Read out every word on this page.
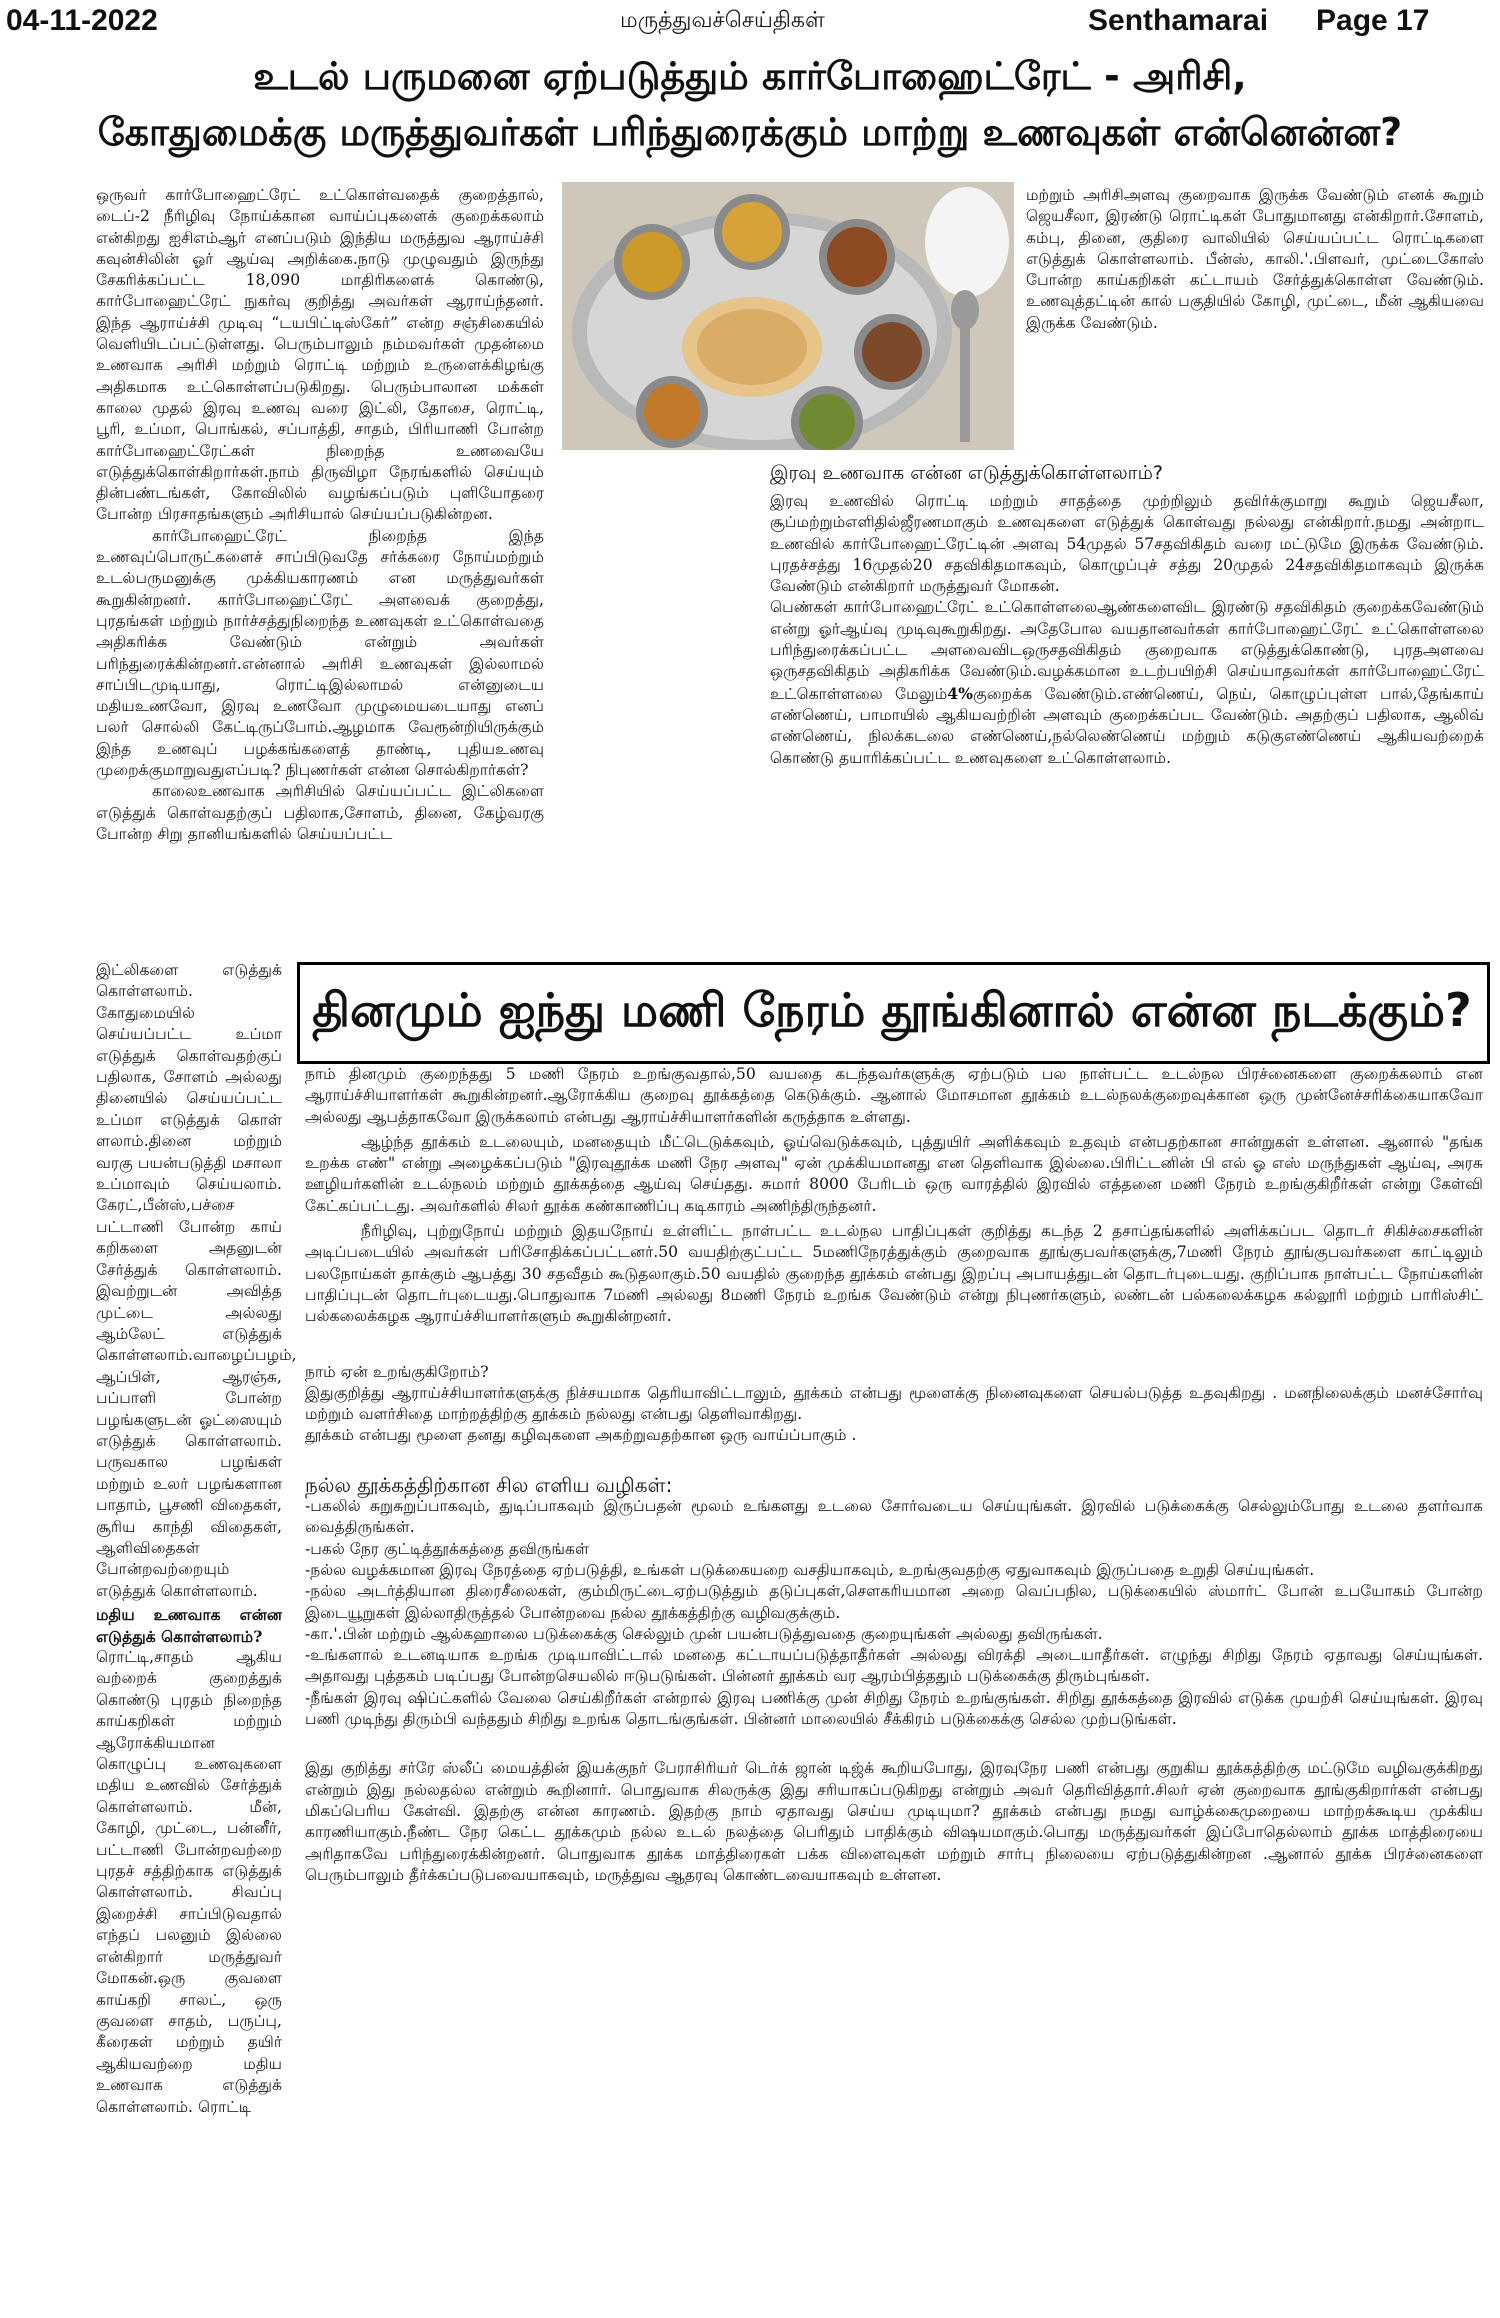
04-11-2022	மருத்துவச்செய்திகள்	Senthamarai Page 17
உடல் பருமனை ஏற்படுத்தும் கார்போஹைட்ரேட் - அரிசி,
கோதுமைக்கு மருத்துவர்கள் பரிந்துரைக்கும் மாற்று உணவுகள் என்னென்ன?

ஒருவர் கார்போஹைட்ரேட் உட்கொள்வதைக் குறைத்தால், டைப்-2 நீரிழிவு நோய்க்கான வாய்ப்புகளைக் குறைக்கலாம் என்கிறது ஐசிஎம்ஆர் எனப்படும் இந்திய மருத்துவ ஆராய்ச்சி கவுன்சிலின் ஓர் ஆய்வு அறிக்கை.நாடு முழுவதும் இருந்து சேகரிக்கப்பட்ட 18,090 மாதிரிகளைக் கொண்டு, கார்போஹைட்ரேட் நுகர்வு குறித்து அவர்கள் ஆராய்ந்தனர். இந்த ஆராய்ச்சி முடிவு “டயபிட்டிஸ்கேர்” என்ற சஞ்சிகையில் வெளியிடப்பட்டுள்ளது. பெரும்பாலும் நம்மவர்கள் முதன்மை உணவாக அரிசி மற்றும் ரொட்டி மற்றும் உருளைக்கிழங்கு அதிகமாக உட்கொள்ளப்படுகிறது. பெரும்பாலான மக்கள் காலை முதல் இரவு உணவு வரை இட்லி, தோசை, ரொட்டி, பூரி, உப்மா, பொங்கல், சப்பாத்தி, சாதம், பிரியாணி போன்ற கார்போஹைட்ரேட்கள் நிறைந்த உணவையே எடுத்துக்கொள்கிறார்கள்.நாம் திருவிழா நேரங்களில் செய்யும் தின்பண்டங்கள், கோவிலில் வழங்கப்படும் புளியோதரை போன்ற பிரசாதங்களும் அரிசியால் செய்யப்படுகின்றன.

கார்போஹைட்ரேட் நிறைந்த இந்த உணவுப்பொருட்களைச் சாப்பிடுவதே சர்க்கரை நோய்மற்றும் உடல்பருமனுக்கு முக்கியகாரணம் என மருத்துவர்கள் கூறுகின்றனர். கார்போஹைட்ரேட் அளவைக் குறைத்து, புரதங்கள் மற்றும் நார்ச்சத்துநிறைந்த உணவுகள் உட்கொள்வதை அதிகரிக்க வேண்டும் என்றும் அவர்கள் பரிந்துரைக்கின்றனர்.என்னால் அரிசி உணவுகள் இல்லாமல் சாப்பிடமுடியாது, ரொட்டிஇல்லாமல் என்னுடைய மதியஉணவோ, இரவு உணவோ முழுமையடையாது எனப் பலர் சொல்லி கேட்டிருப்போம்.ஆழமாக வேரூன்றியிருக்கும் இந்த உணவுப் பழக்கங்களைத் தாண்டி, புதியஉணவு முறைக்குமாறுவதுஎப்படி? நிபுணர்கள் என்ன சொல்கிறார்கள்?

காலைஉணவாக அரிசியில் செய்யப்பட்ட இட்லிகளை எடுத்துக் கொள்வதற்குப் பதிலாக,சோளம், தினை, கேழ்வரகு போன்ற சிறு தானியங்களில் செய்யப்பட்ட

இட்லிகளை எடுத்துக் கொள்ளலாம். கோதுமையில் செய்யப்பட்ட உப்மா எடுத்துக் கொள்வதற்குப் பதிலாக, சோளம் அல்லது தினையில் செய்யப்பட்ட உப்மா எடுத்துக் கொள் ளலாம்.தினை மற்றும் வரகு பயன்படுத்தி மசாலா உப்மாவும் செய்யலாம். கேரட்,பீன்ஸ்,பச்சை பட்டாணி போன்ற காய் கறிகளை அதனுடன் சேர்த்துக் கொள்ளலாம். இவற்றுடன் அவித்த முட்டை அல்லது ஆம்லேட் எடுத்துக் கொள்ளலாம்.வாழைப்பழம், ஆப்பிள், ஆரஞ்சு, பப்பாளி போன்ற பழங்களுடன் ஓட்ஸையும் எடுத்துக் கொள்ளலாம். பருவகால பழங்கள் மற்றும் உலர் பழங்களான பாதாம், பூசணி விதைகள், சூரிய காந்தி விதைகள், ஆளிவிதைகள் போன்றவற்றையும் எடுத்துக் கொள்ளலாம்.

மதிய உணவாக என்ன எடுத்துக் கொள்ளலாம்?

ரொட்டி,சாதம் ஆகிய வற்றைக் குறைத்துக் கொண்டு புரதம் நிறைந்த காய்கறிகள் மற்றும் ஆரோக்கியமான கொழுப்பு உணவுகளை மதிய உணவில் சேர்த்துக் கொள்ளலாம். மீன், கோழி, முட்டை, பன்னீர், பட்டாணி போன்றவற்றை புரதச் சத்திற்காக எடுத்துக் கொள்ளலாம். சிவப்பு இறைச்சி சாப்பிடுவதால் எந்தப் பலனும் இல்லை என்கிறார் மருத்துவர் மோகன்.ஒரு குவளை காய்கறி சாலட், ஒரு குவளை சாதம், பருப்பு, கீரைகள் மற்றும் தயிர் ஆகியவற்றை மதிய உணவாக எடுத்துக் கொள்ளலாம். ரொட்டி

மற்றும் அரிசிஅளவு குறைவாக இருக்க வேண்டும் எனக் கூறும் ஜெயசீலா, இரண்டு ரொட்டிகள் போதுமானது என்கிறார்.சோளம், கம்பு, தினை, குதிரை வாலியில் செய்யப்பட்ட ரொட்டிகளை எடுத்துக் கொள்ளலாம். பீன்ஸ், காலி.'.பிளவர், முட்டைகோஸ் போன்ற காய்கறிகள் கட்டாயம் சேர்த்துக்கொள்ள வேண்டும். உணவுத்தட்டின் கால் பகுதியில் கோழி, முட்டை, மீன் ஆகியவை இருக்க வேண்டும்.

இரவு உணவாக என்ன எடுத்துக்கொள்ளலாம்?

இரவு உணவில் ரொட்டி மற்றும் சாதத்தை முற்றிலும் தவிர்க்குமாறு கூறும் ஜெயசீலா, சூப்மற்றும்எளிதில்ஜீரணமாகும் உணவுகளை எடுத்துக் கொள்வது நல்லது என்கிறார்.நமது அன்றாட உணவில் கார்போஹைட்ரேட்டின் அளவு 54முதல் 57சதவிகிதம் வரை மட்டுமே இருக்க வேண்டும். புரதச்சத்து 16முதல்20 சதவிகிதமாகவும், கொழுப்புச் சத்து 20முதல் 24சதவிகிதமாகவும் இருக்க வேண்டும் என்கிறார் மருத்துவர் மோகன்.

பெண்கள் கார்போஹைட்ரேட் உட்கொள்ளலைஆண்களைவிட இரண்டு சதவிகிதம் குறைக்கவேண்டும் என்று ஓர்ஆய்வு முடிவுகூறுகிறது. அதேபோல வயதானவர்கள் கார்போஹைட்ரேட் உட்கொள்ளலை பரிந்துரைக்கப்பட்ட அளவைவிடஒருசதவிகிதம் குறைவாக எடுத்துக்கொண்டு, புரதஅளவை ஒருசதவிகிதம் அதிகரிக்க வேண்டும்.வழக்கமான உடற்பயிற்சி செய்யாதவர்கள் கார்போஹைட்ரேட் உட்கொள்ளலை மேலும்4%குறைக்க வேண்டும்.எண்ணெய், நெய், கொழுப்புள்ள பால்,தேங்காய் எண்ணெய், பாமாயில் ஆகியவற்றின் அளவும் குறைக்கப்பட வேண்டும். அதற்குப் பதிலாக, ஆலிவ் எண்ணெய், நிலக்கடலை எண்ணெய்,நல்லெண்ணெய் மற்றும் கடுகுஎண்ணெய் ஆகியவற்றைக் கொண்டு தயாரிக்கப்பட்ட உணவுகளை உட்கொள்ளலாம்.

தினமும் ஐந்து மணி நேரம் தூங்கினால் என்ன நடக்கும்?

நாம் தினமும் குறைந்தது 5 மணி நேரம் உறங்குவதால்,50 வயதை கடந்தவர்களுக்கு ஏற்படும் பல நாள்பட்ட உடல்நல பிரச்னைகளை குறைக்கலாம் என ஆராய்ச்சியாளர்கள் கூறுகின்றனர்.ஆரோக்கிய குறைவு தூக்கத்தை கெடுக்கும். ஆனால் மோசமான தூக்கம் உடல்நலக்குறைவுக்கான ஒரு முன்னேச்சரிக்கையாகவோ அல்லது ஆபத்தாகவோ இருக்கலாம் என்பது ஆராய்ச்சியாளர்களின் கருத்தாக உள்ளது.

ஆழ்ந்த தூக்கம் உடலையும், மனதையும் மீட்டெடுக்கவும், ஓய்வெடுக்கவும், புத்துயிர் அளிக்கவும் உதவும் என்பதற்கான சான்றுகள் உள்ளன. ஆனால் "தங்க உறக்க எண்" என்று அழைக்கப்படும் "இரவுதூக்க மணி நேர அளவு" ஏன் முக்கியமானது என தெளிவாக இல்லை.பிரிட்டனின் பி எல் ஓ எஸ் மருந்துகள் ஆய்வு, அரசு ஊழியர்களின் உடல்நலம் மற்றும் தூக்கத்தை ஆய்வு செய்தது. சுமார் 8000 பேரிடம் ஒரு வாரத்தில் இரவில் எத்தனை மணி நேரம் உறங்குகிறீர்கள் என்று கேள்வி கேட்கப்பட்டது. அவர்களில் சிலர் தூக்க கண்காணிப்பு கடிகாரம் அணிந்திருந்தனர்.

நீரிழிவு, புற்றுநோய் மற்றும் இதயநோய் உள்ளிட்ட நாள்பட்ட உடல்நல பாதிப்புகள் குறித்து கடந்த 2 தசாப்தங்களில் அளிக்கப்பட தொடர் சிகிச்சைகளின் அடிப்படையில் அவர்கள் பரிசோதிக்கப்பட்டனர்.50 வயதிற்குட்பட்ட 5மணிநேரத்துக்கும் குறைவாக தூங்குபவர்களுக்கு,7மணி நேரம் தூங்குபவர்களை காட்டிலும் பலநோய்கள் தாக்கும் ஆபத்து 30 சதவீதம் கூடுதலாகும்.50 வயதில் குறைந்த தூக்கம் என்பது இறப்பு அபாயத்துடன் தொடர்புடையது. குறிப்பாக நாள்பட்ட நோய்களின் பாதிப்புடன் தொடர்புடையது.பொதுவாக 7மணி அல்லது 8மணி நேரம் உறங்க வேண்டும் என்று நிபுணர்களும், லண்டன் பல்கலைக்கழக கல்லூரி மற்றும் பாரிஸ்சிட் பல்கலைக்கழக ஆராய்ச்சியாளர்களும் கூறுகின்றனர்.

நாம் ஏன் உறங்குகிறோம்?

இதுகுறித்து ஆராய்ச்சியாளர்களுக்கு நிச்சயமாக தெரியாவிட்டாலும், தூக்கம் என்பது மூளைக்கு நினைவுகளை செயல்படுத்த உதவுகிறது . மனநிலைக்கும் மனச்சோர்வு மற்றும் வளர்சிதை மாற்றத்திற்கு தூக்கம் நல்லது என்பது தெளிவாகிறது.

தூக்கம் என்பது மூளை தனது கழிவுகளை அகற்றுவதற்கான ஒரு வாய்ப்பாகும் .

நல்ல தூக்கத்திற்கான சில எளிய வழிகள்:

-பகலில் சுறுசுறுப்பாகவும், துடிப்பாகவும் இருப்பதன் மூலம் உங்களது உடலை சோர்வடைய செய்யுங்கள். இரவில் படுக்கைக்கு செல்லும்போது உடலை தளர்வாக வைத்திருங்கள்.

-பகல் நேர குட்டித்தூக்கத்தை தவிருங்கள்

-நல்ல வழக்கமான இரவு நேரத்தை ஏற்படுத்தி, உங்கள் படுக்கையறை வசதியாகவும், உறங்குவதற்கு ஏதுவாகவும் இருப்பதை உறுதி செய்யுங்கள்.

-நல்ல அடர்த்தியான திரைசீலைகள், கும்மிருட்டைஏற்படுத்தும் தடுப்புகள்,சௌகரியமான அறை வெப்பநில, படுக்கையில் ஸ்மார்ட் போன் உபயோகம் போன்ற இடையூறுகள் இல்லாதிருத்தல் போன்றவை நல்ல தூக்கத்திற்கு வழிவகுக்கும்.

-கா.'.பின் மற்றும் ஆல்கஹாலை படுக்கைக்கு செல்லும் முன் பயன்படுத்துவதை குறையுங்கள் அல்லது தவிருங்கள்.

-உங்களால் உடனடியாக உறங்க முடியாவிட்டால் மனதை கட்டாயப்படுத்தாதீர்கள் அல்லது விரக்தி அடையாதீர்கள். எழுந்து சிறிது நேரம் ஏதாவது செய்யுங்கள். அதாவது புத்தகம் படிப்பது போன்றசெயலில் ஈடுபடுங்கள். பின்னர் தூக்கம் வர ஆரம்பித்ததும் படுக்கைக்கு திரும்புங்கள்.

-நீங்கள் இரவு ஷிப்ட்களில் வேலை செய்கிறீர்கள் என்றால் இரவு பணிக்கு முன் சிறிது நேரம் உறங்குங்கள். சிறிது தூக்கத்தை இரவில் எடுக்க முயற்சி செய்யுங்கள். இரவு பணி முடிந்து திரும்பி வந்ததும் சிறிது உறங்க தொடங்குங்கள். பின்னர் மாலையில் சீக்கிரம் படுக்கைக்கு செல்ல முற்படுங்கள்.

இது குறித்து சர்ரே ஸ்லீப் மையத்தின் இயக்குநர் பேராசிரியர் டெர்க் ஜான் டிஜ்க் கூறியபோது, இரவுநேர பணி என்பது குறுகிய தூக்கத்திற்கு மட்டுமே வழிவகுக்கிறது என்றும் இது நல்லதல்ல என்றும் கூறினார். பொதுவாக சிலருக்கு இது சரியாகப்படுகிறது என்றும் அவர் தெரிவித்தார்.சிலர் ஏன் குறைவாக தூங்குகிறார்கள் என்பது மிகப்பெரிய கேள்வி. இதற்கு என்ன காரணம். இதற்கு நாம் ஏதாவது செய்ய முடியுமா? தூக்கம் என்பது நமது வாழ்க்கைமுறையை மாற்றக்கூடிய முக்கிய காரணியாகும்.நீண்ட நேர கெட்ட தூக்கமும் நல்ல உடல் நலத்தை பெரிதும் பாதிக்கும் விஷயமாகும்.பொது மருத்துவர்கள் இப்போதெல்லாம் தூக்க மாத்திரையை அரிதாகவே பரிந்துரைக்கின்றனர். பொதுவாக தூக்க மாத்திரைகள் பக்க விளைவுகள் மற்றும் சார்பு நிலையை ஏற்படுத்துகின்றன .ஆனால் தூக்க பிரச்னைகளை பெரும்பாலும் தீர்க்கப்படுபவையாகவும், மருத்துவ ஆதரவு கொண்டவையாகவும் உள்ளன.
